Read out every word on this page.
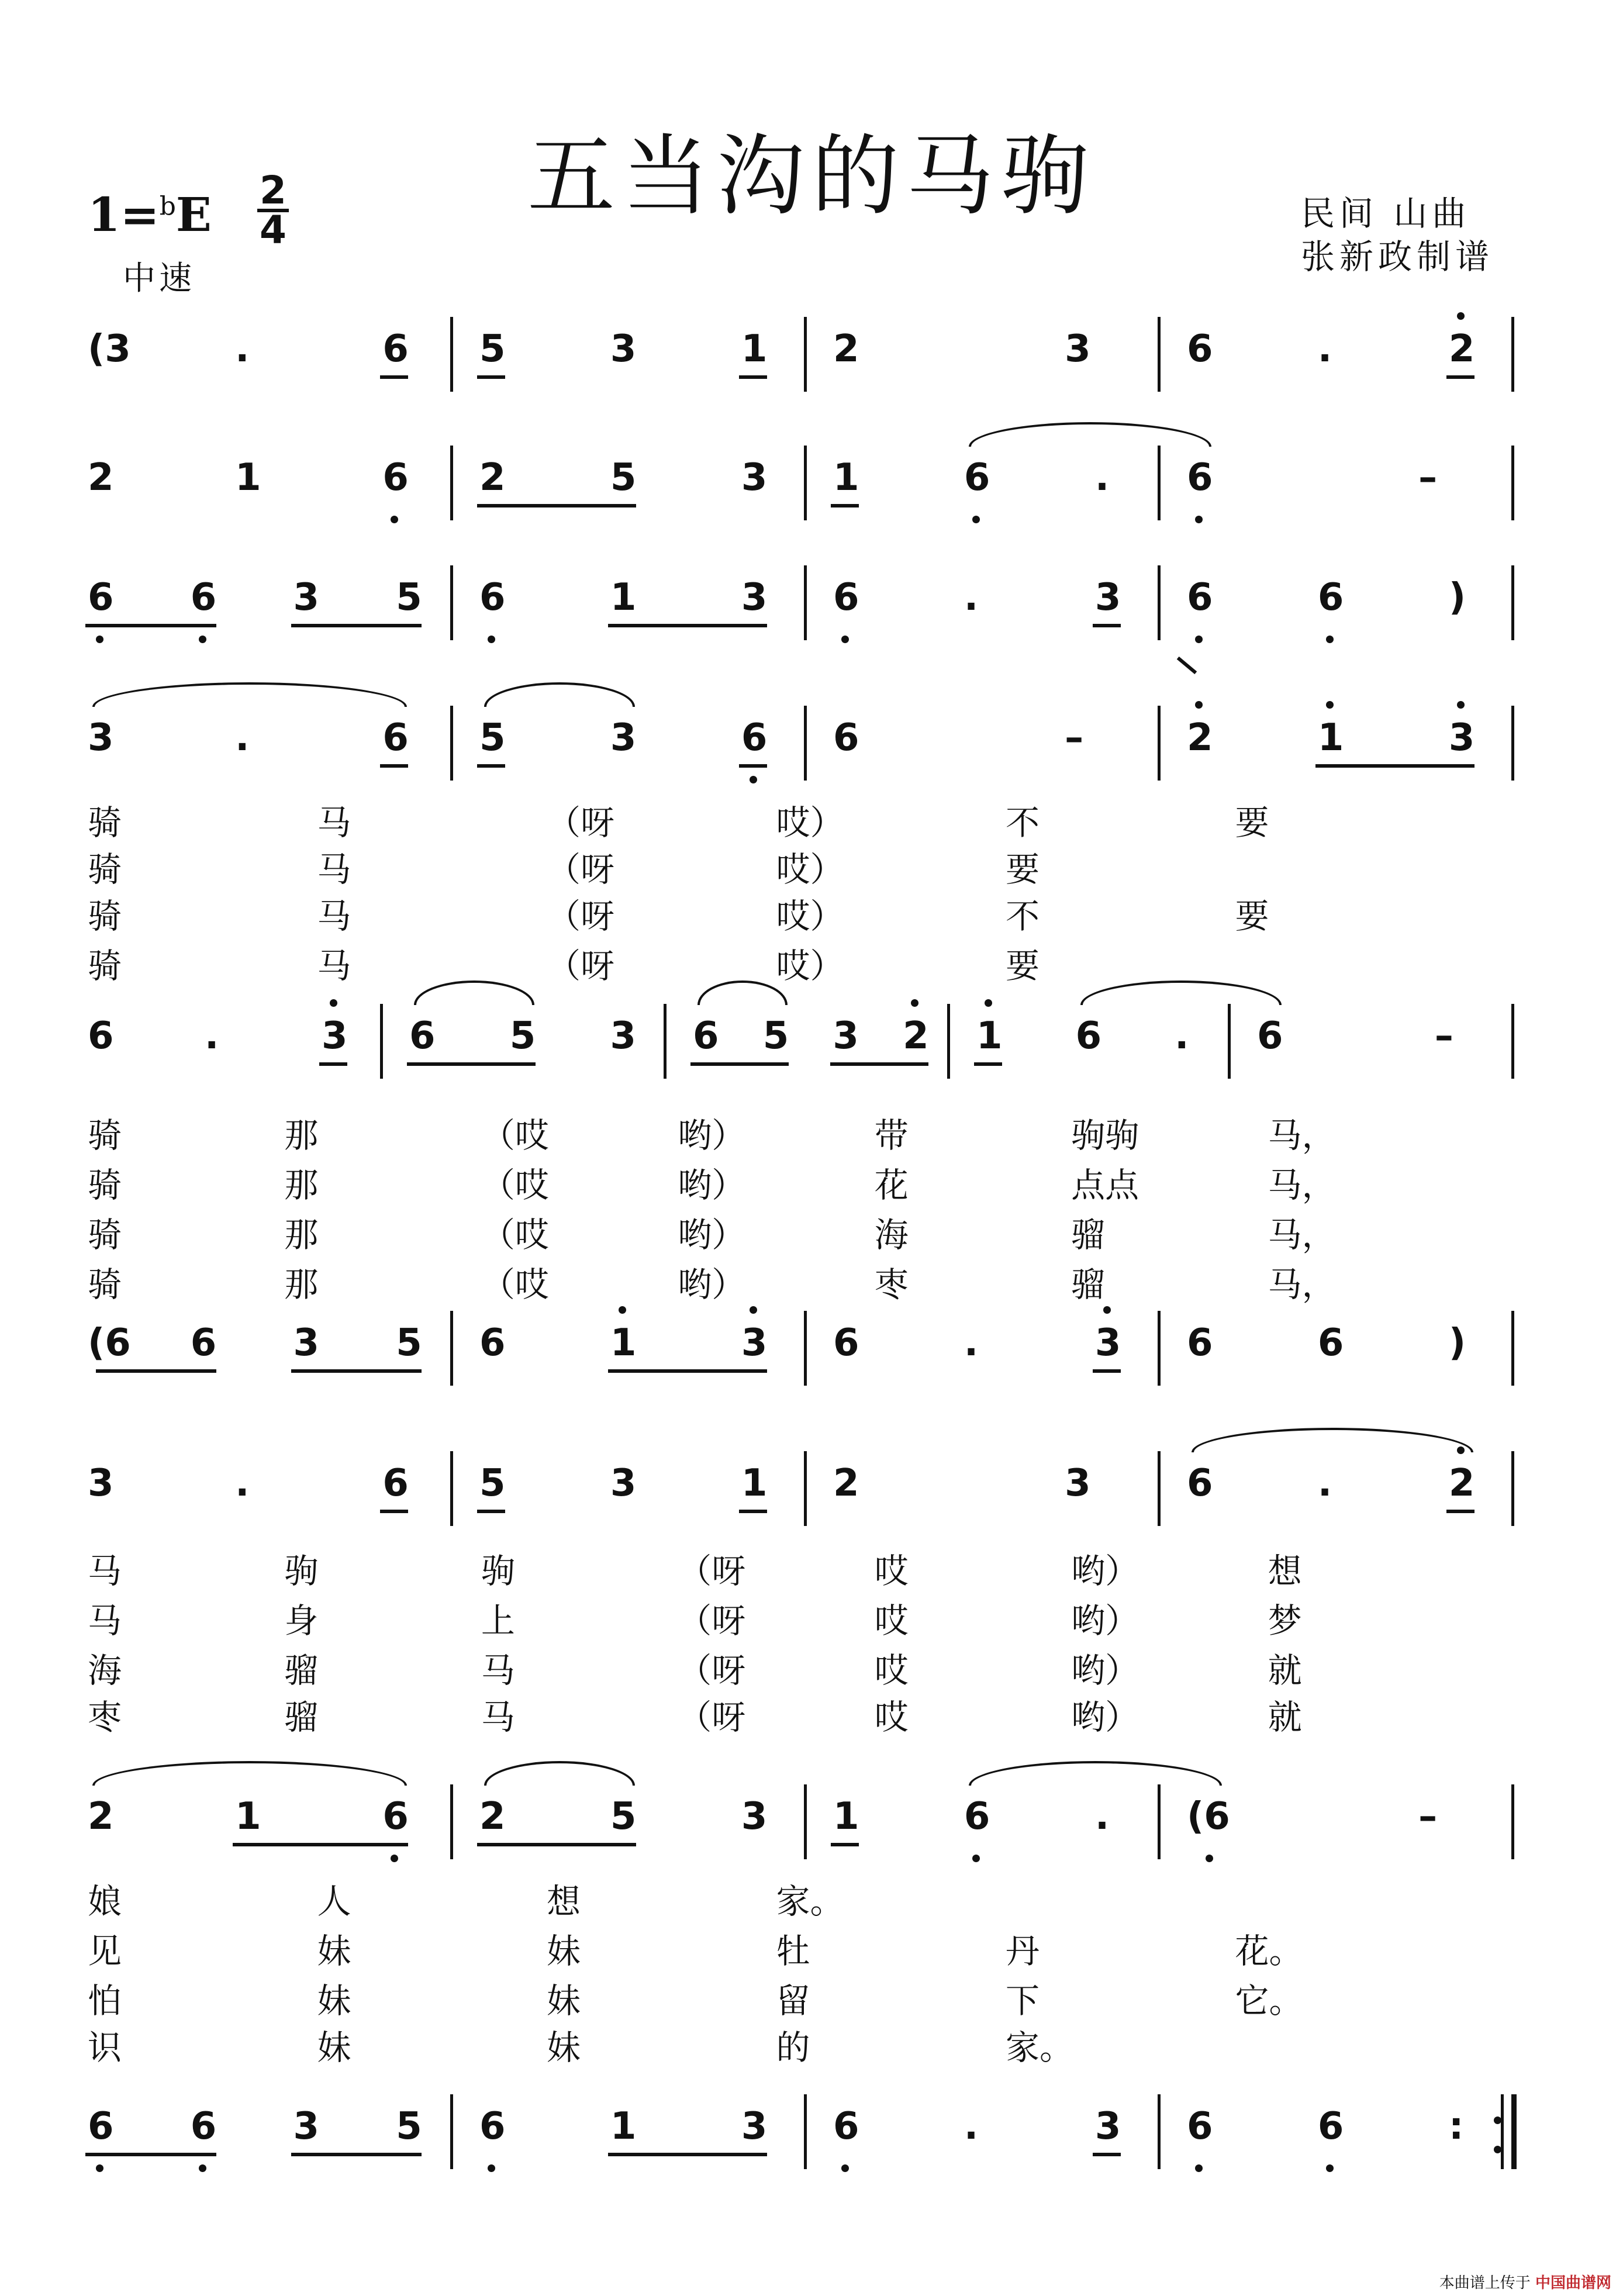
五当沟的马驹
1=$^b$E 2
4
中速
民间 山曲
张新政制谱
(3	.	6 5	3	1 2	3	6	.	2
2	1	6 2	5	3 1	6	. 6	–
6 6 3 5 6	1	3 6	.	3 6	6	)
3	.	6 5	3	6 6	–	2	1	3
骑	马	（呀	哎）	不	要
骑	马	（呀	哎）	要
骑	马	（呀	哎）	不	要
骑	马	（呀	哎）	要
6 .	3 6 5 3 6 5 3 2 1 6 . 6	–
骑	那	（哎	哟）	带	驹驹	马，
骑	那	（哎	哟）	花	点点	马，
骑	那	（哎	哟）	海	骝	马，
骑	那	（哎	哟）	枣	骝	马，
(6 6 3 5 6	1	3 6	.	3 6	6	)
3	.	6 5	3	1 2	3	6	.	2
马	驹	驹	（呀	哎	哟）	想
马	身	上	（呀	哎	哟）	梦
海	骝	马	（呀	哎	哟）	就
枣	骝	马	（呀	哎	哟）	就
2	1	6 2	5	3 1	6	. (6	–
娘	人	想	家。
见	妹	妹	牡	丹	花。
怕	妹	妹	留	下	它。
识	妹	妹	的	家。
6 6 3 5 6	1	3 6	.	3 6	6	:
本曲谱上传于 中国曲谱网
